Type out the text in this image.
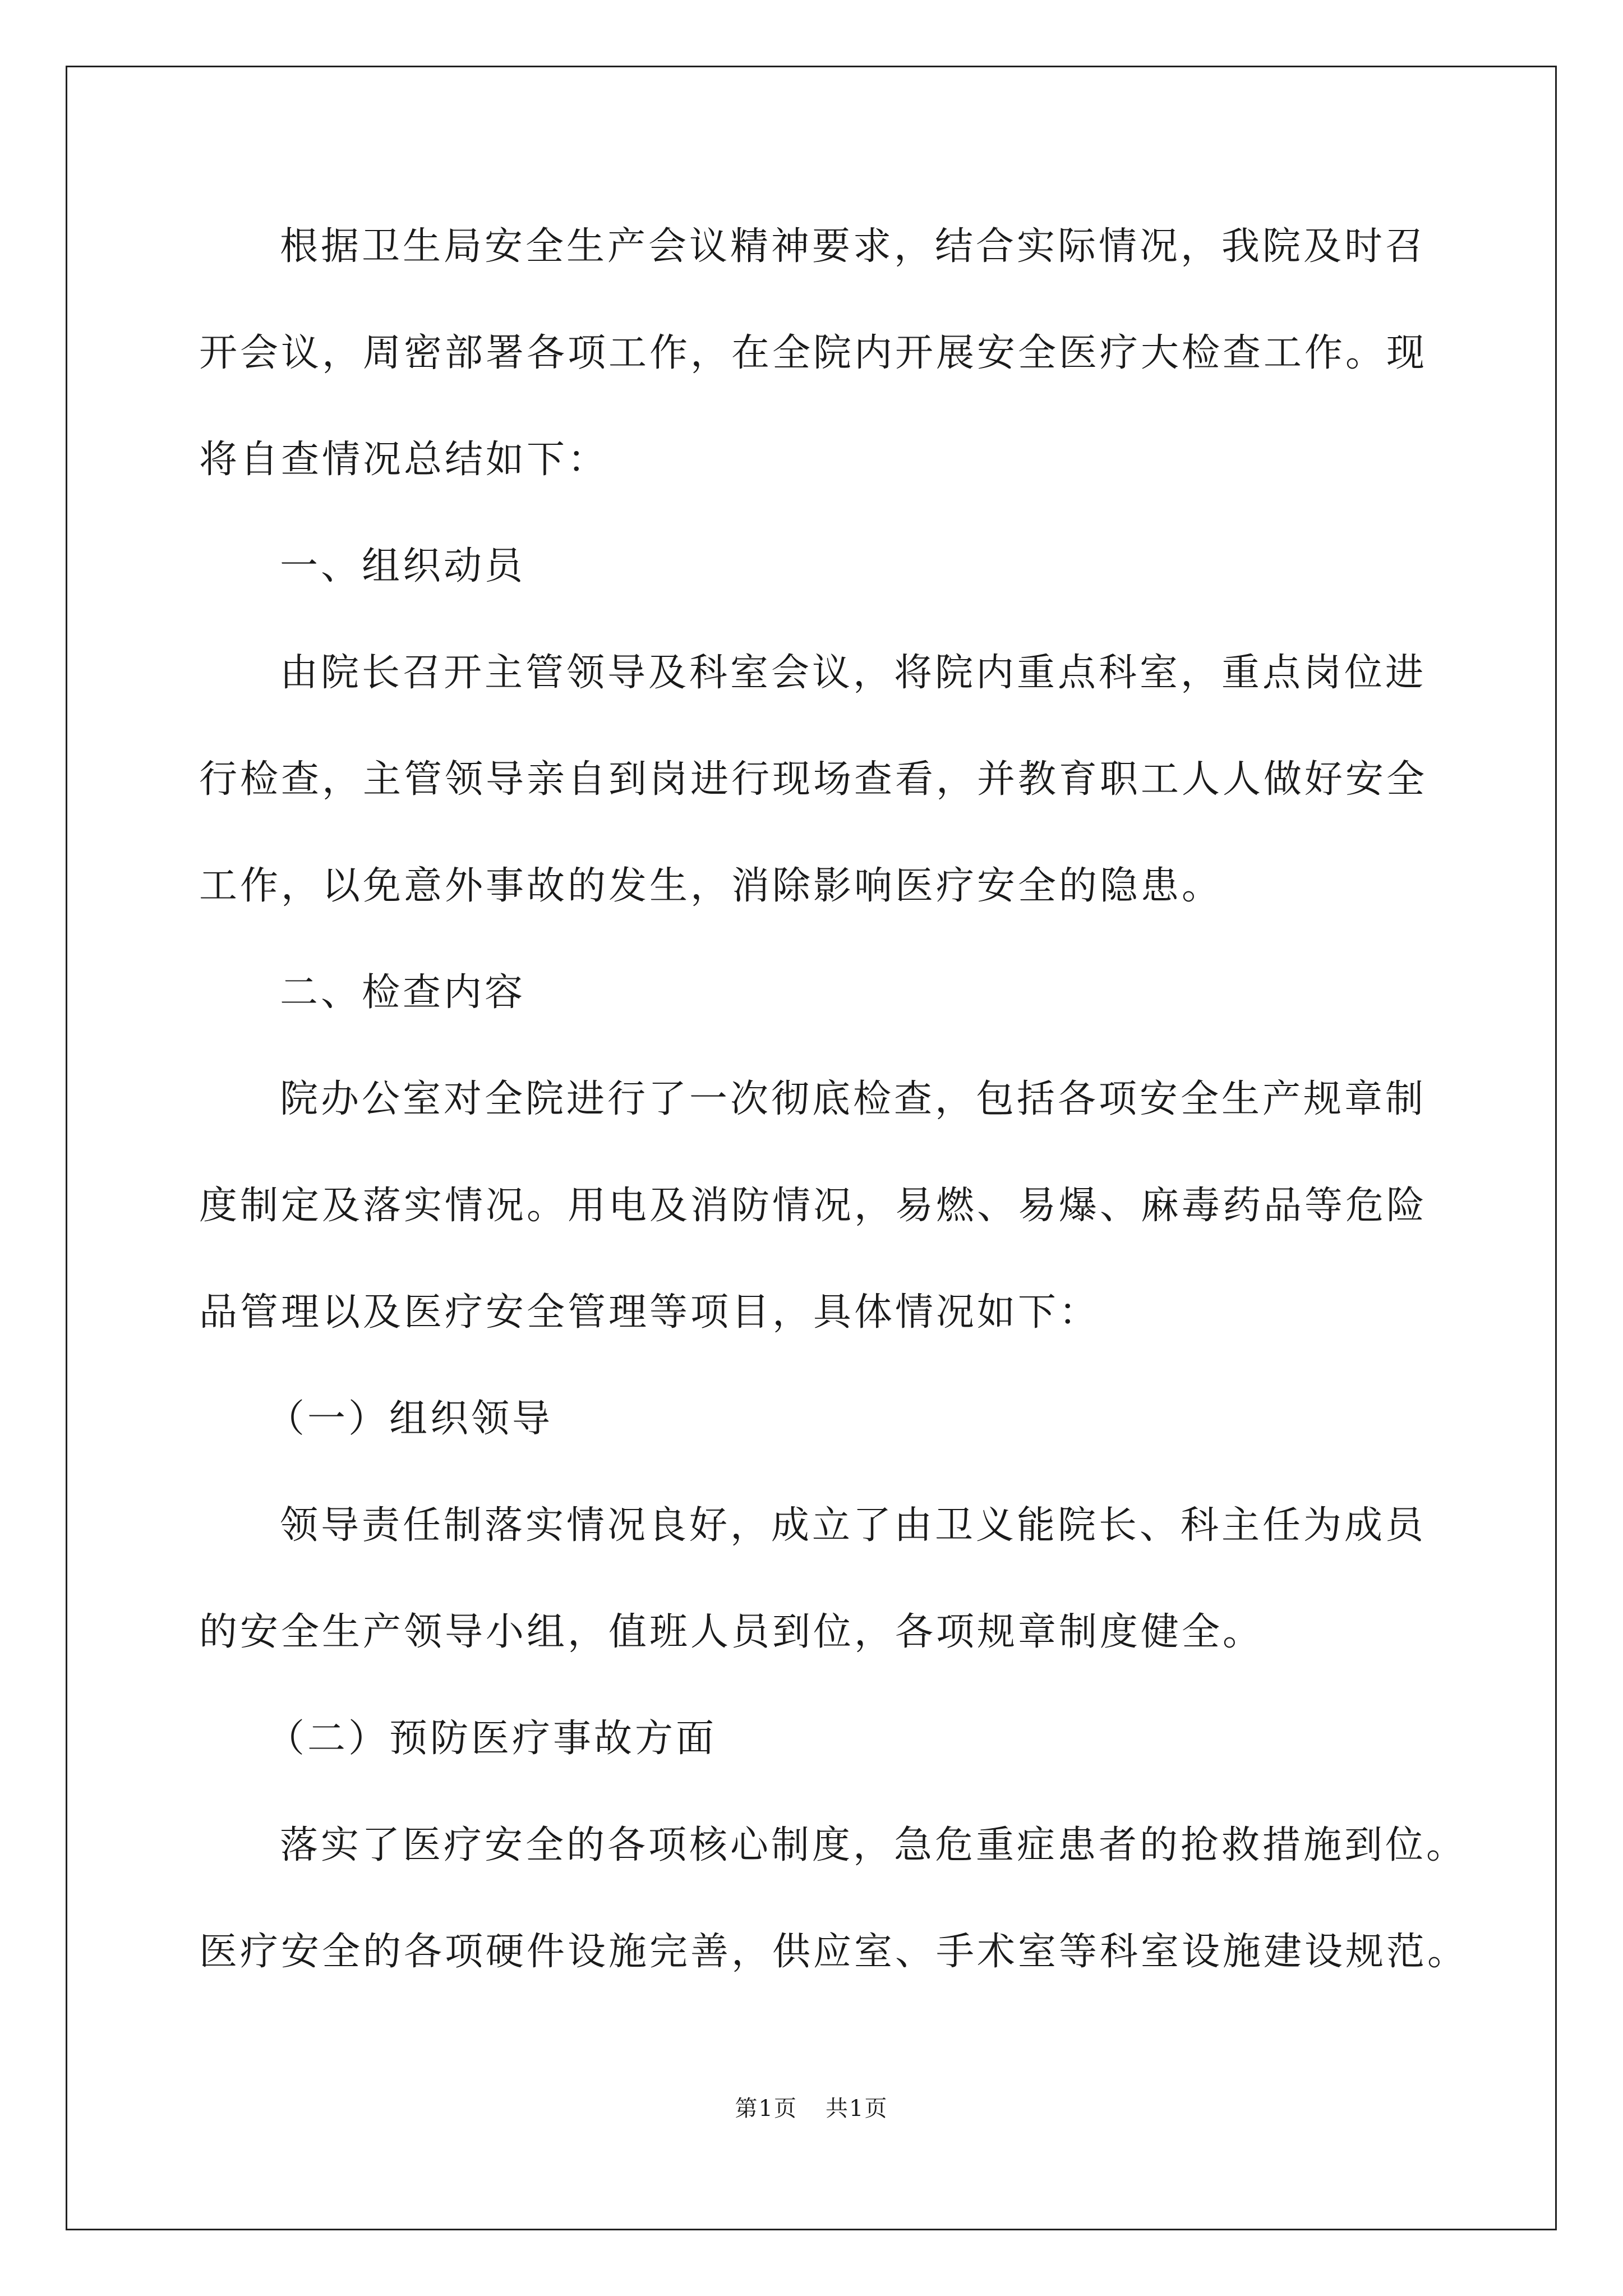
根据卫生局安全生产会议精神要求，结合实际情况，我院及时召
开会议，周密部署各项工作，在全院内开展安全医疗大检查工作。现
将自查情况总结如下：
一、组织动员
由院长召开主管领导及科室会议，将院内重点科室，重点岗位进
行检查，主管领导亲自到岗进行现场查看，并教育职工人人做好安全
工作，以免意外事故的发生，消除影响医疗安全的隐患。
二、检查内容
院办公室对全院进行了一次彻底检查，包括各项安全生产规章制
度制定及落实情况。用电及消防情况，易燃、易爆、麻毒药品等危险
品管理以及医疗安全管理等项目，具体情况如下：
（一）组织领导
领导责任制落实情况良好，成立了由卫义能院长、科主任为成员
的安全生产领导小组，值班人员到位，各项规章制度健全。
（二）预防医疗事故方面
落实了医疗安全的各项核心制度，急危重症患者的抢救措施到位。
医疗安全的各项硬件设施完善，供应室、手术室等科室设施建设规范。
第1页 共1页
